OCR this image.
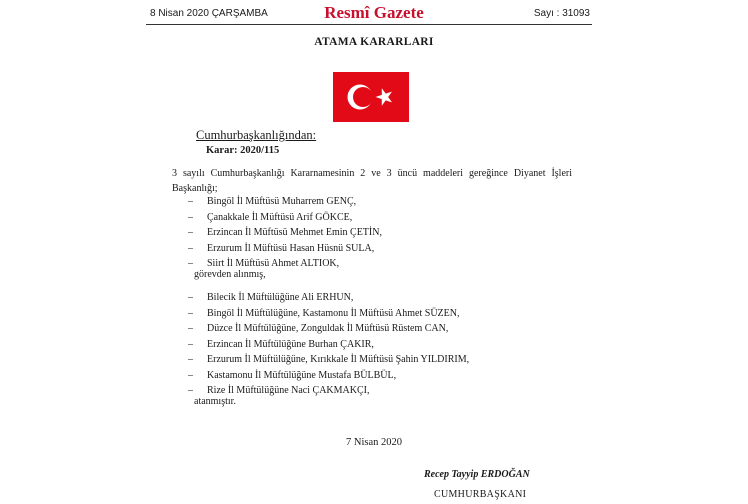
8 Nisan 2020 ÇARŞAMBA	Resmî Gazete	Sayı : 31093
ATAMA KARARLARI
Cumhurbaşkanlığından:
Karar: 2020/115
3 sayılı Cumhurbaşkanlığı Kararnamesinin 2 ve 3 üncü maddeleri gereğince Diyanet İşleri Başkanlığı;
– Bingöl İl Müftüsü Muharrem GENÇ,
– Çanakkale İl Müftüsü Arif GÖKCE,
– Erzincan İl Müftüsü Mehmet Emin ÇETİN,
– Erzurum İl Müftüsü Hasan Hüsnü SULA,
– Siirt İl Müftüsü Ahmet ALTIOK,
görevden alınmış,
– Bilecik İl Müftülüğüne Ali ERHUN,
– Bingöl İl Müftülüğüne, Kastamonu İl Müftüsü Ahmet SÜZEN,
– Düzce İl Müftülüğüne, Zonguldak İl Müftüsü Rüstem CAN,
– Erzincan İl Müftülüğüne Burhan ÇAKIR,
– Erzurum İl Müftülüğüne, Kırıkkale İl Müftüsü Şahin YILDIRIM,
– Kastamonu İl Müftülüğüne Mustafa BÜLBÜL,
– Rize İl Müftülüğüne Naci ÇAKMAKÇI,
atanmıştır.
7 Nisan 2020
Recep Tayyip ERDOĞAN
CUMHURBAŞKANI
